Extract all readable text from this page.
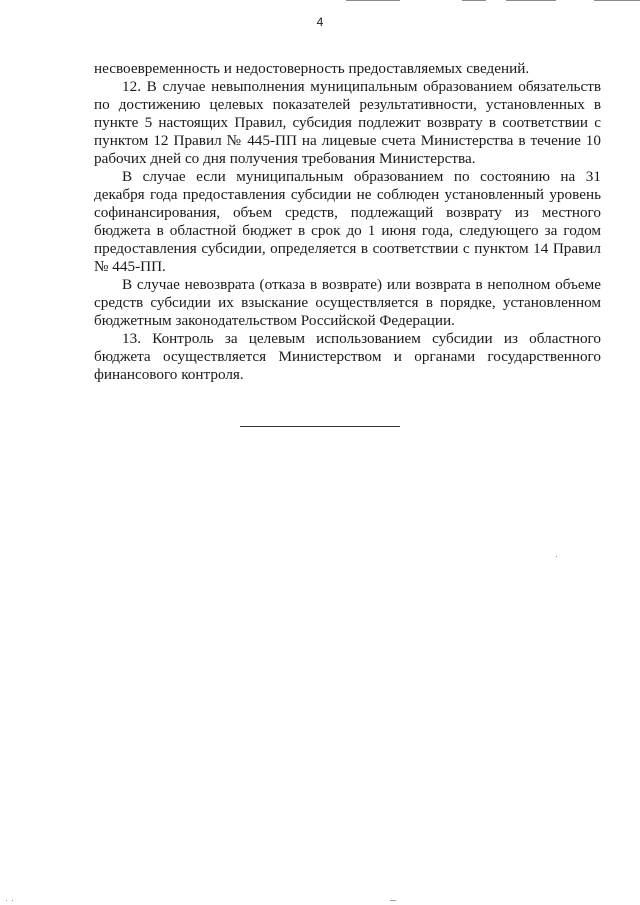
4

несвоевременность и недостоверность предоставляемых сведений.

12. В случае невыполнения муниципальным образованием обязательств по достижению целевых показателей результативности, установленных в пункте 5 настоящих Правил, субсидия подлежит возврату в соответствии с пунктом 12 Правил № 445-ПП на лицевые счета Министерства в течение 10 рабочих дней со дня получения требования Министерства.

В случае если муниципальным образованием по состоянию на 31 декабря года предоставления субсидии не соблюден установленный уровень софинансирования, объем средств, подлежащий возврату из местного бюджета в областной бюджет в срок до 1 июня года, следующего за годом предоставления субсидии, определяется в соответствии с пунктом 14 Правил № 445-ПП.

В случае невозврата (отказа в возврате) или возврата в неполном объеме средств субсидии их взыскание осуществляется в порядке, установленном бюджетным законодательством Российской Федерации.

13. Контроль за целевым использованием субсидии из областного бюджета осуществляется Министерством и органами государственного финансового контроля.
